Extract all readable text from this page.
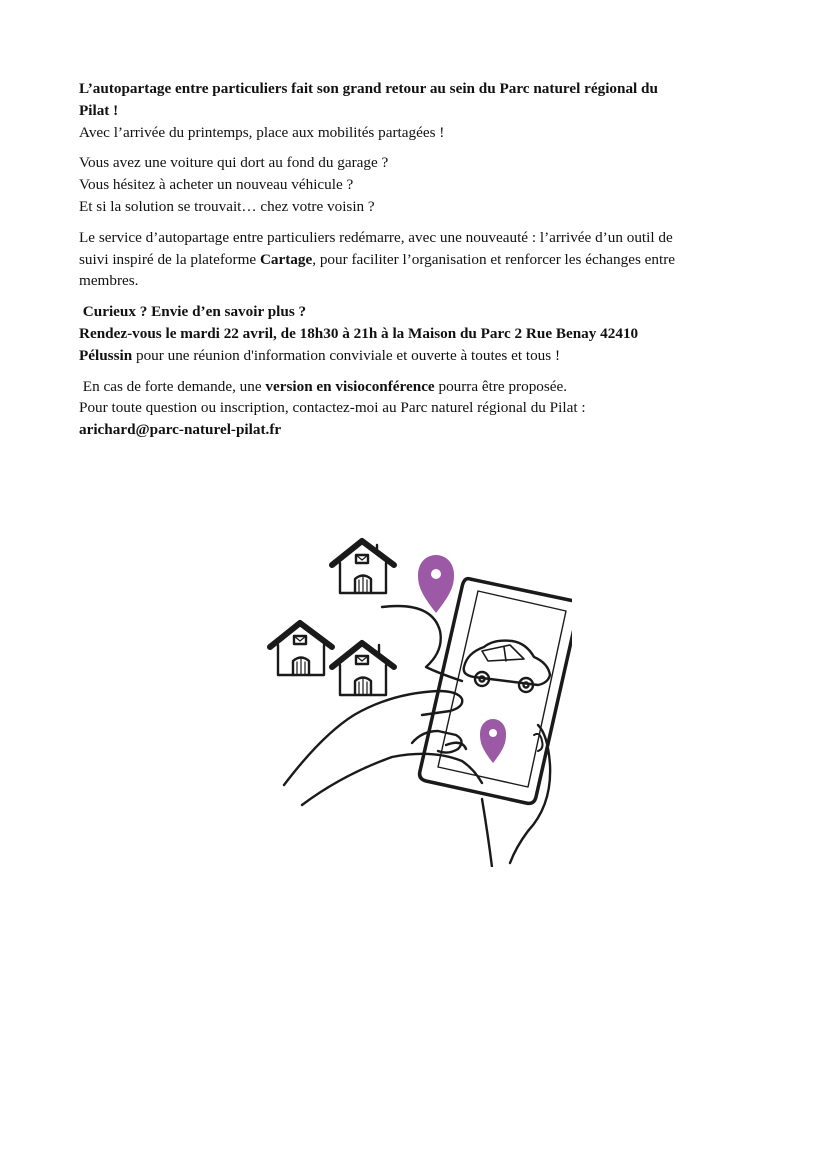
L’autopartage entre particuliers fait son grand retour au sein du Parc naturel régional du
Pilat !
Avec l’arrivée du printemps, place aux mobilités partagées !

Vous avez une voiture qui dort au fond du garage ?
Vous hésitez à acheter un nouveau véhicule ?
Et si la solution se trouvait… chez votre voisin ?

Le service d’autopartage entre particuliers redémarre, avec une nouveauté : l’arrivée d’un outil de
suivi inspiré de la plateforme Cartage, pour faciliter l’organisation et renforcer les échanges entre
membres.

Curieux ? Envie d’en savoir plus ?
Rendez-vous le mardi 22 avril, de 18h30 à 21h à la Maison du Parc 2 Rue Benay 42410
Pélussin pour une réunion d'information conviviale et ouverte à toutes et tous !

En cas de forte demande, une version en visioconférence pourra être proposée.
Pour toute question ou inscription, contactez-moi au Parc naturel régional du Pilat :
arichard@parc-naturel-pilat.fr
